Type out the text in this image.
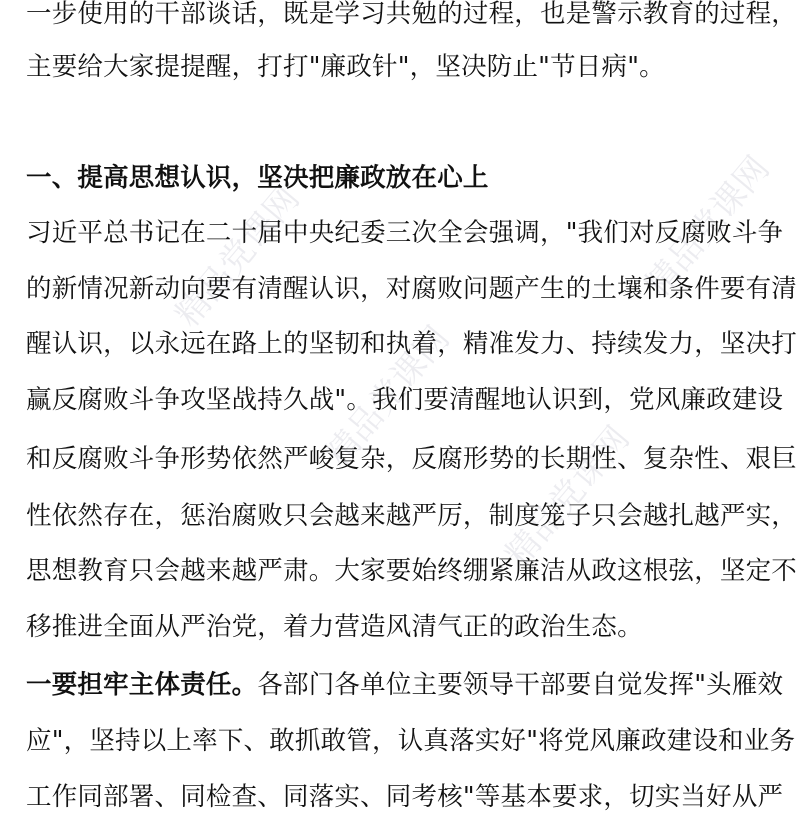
精品党课网
精品党课网
精品党课网
精品党课网
一步使用的干部谈话，既是学习共勉的过程，也是警示教育的过程，
主要给大家提提醒，打打"廉政针"，坚决防止"节日病"。
一、提高思想认识，坚决把廉政放在心上
习近平总书记在二十届中央纪委三次全会强调，"我们对反腐败斗争
的新情况新动向要有清醒认识，对腐败问题产生的土壤和条件要有清
醒认识，以永远在路上的坚韧和执着，精准发力、持续发力，坚决打
赢反腐败斗争攻坚战持久战"。我们要清醒地认识到，党风廉政建设
和反腐败斗争形势依然严峻复杂，反腐形势的长期性、复杂性、艰巨
性依然存在，惩治腐败只会越来越严厉，制度笼子只会越扎越严实，
思想教育只会越来越严肃。大家要始终绷紧廉洁从政这根弦，坚定不
移推进全面从严治党，着力营造风清气正的政治生态。
一要担牢主体责任。各部门各单位主要领导干部要自觉发挥"头雁效
应"，坚持以上率下、敢抓敢管，认真落实好"将党风廉政建设和业务
工作同部署、同检查、同落实、同考核"等基本要求，切实当好从严
